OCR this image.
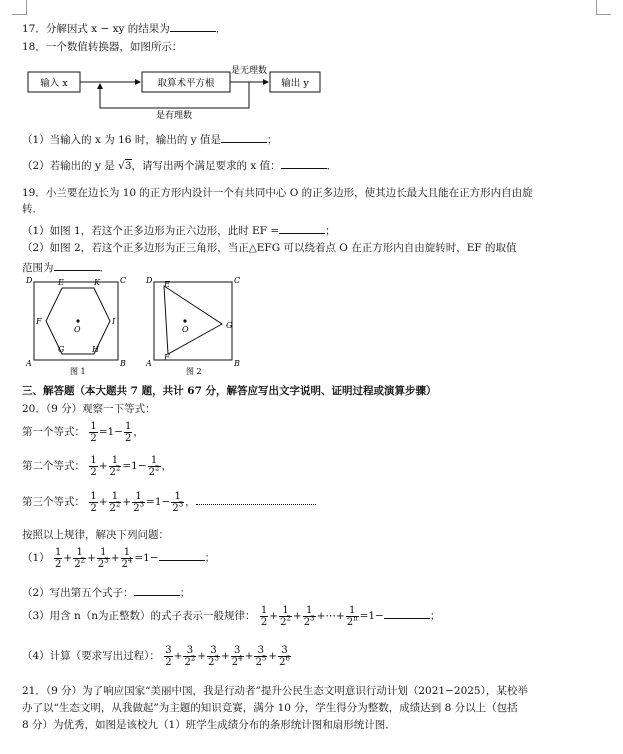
17．分解因式 x − xy 的结果为	．
18．一个数值转换器，如图所示：
输入 x	取算术平方根
是无理数
输出 y
是有理数
（1）当输入的 x 为 16 时，输出的 y 值是	；
（2）若输出的 y 是 √3，请写出两个满足要求的 x 值：	．
19．小兰要在边长为 10 的正方形内设计一个有共同中心 O 的正多边形，使其边长最大且能在正方形内自由旋
转．
（1）如图 1，若这个正多边形为正六边形，此时 EF =	；
（2）如图 2，若这个正多边形为正三角形，当正△EFG 可以绕着点 O 在正方形内自由旋转时，EF 的取值
范围为	．
D	E	K	C
F	I
O
A
G	H
B
图 1
D E	C
G
O
A
F
B
图 2
三、解答题（本大题共 7 题，共计 67 分，解答应写出文字说明、证明过程或演算步骤）
20．（9 分）观察一下等式：
第一个等式： $\frac{1}{2} =1- \frac{1}{2}$ ，
第二个等式： $\frac{1}{2} + \frac{1}{2^2} =1- \frac{1}{2^2}$ ，
第三个等式： $\frac{1}{2} + \frac{1}{2^2} + \frac{1}{2^3} =1- \frac{1}{2^3}$ ，
按照以上规律，解决下列问题：
$(1) \frac{1}{2} + \frac{1}{2^2} + \frac{1}{2^3} + \frac{1}{2^4} =1-$	；
（2）写出第五个式子：	；
（3）用含 n（n为正整数）的式子表示一般规律： $\frac{1}{2} + \frac{1}{2^2} + \frac{1}{2^3}$ +⋯+ $\frac{1}{2^n} =1-$	；
（4）计算（要求写出过程）： $\frac{3}{2} + \frac{3}{2^2} + \frac{3}{2^3} + \frac{3}{2^4} + \frac{3}{2^5} + \frac{3}{2^6}$
21．（9 分）为了响应国家“美丽中国，我是行动者”提升公民生态文明意识行动计划（2021−2025），某校举
办了以“生态文明，从我做起”为主题的知识竞赛，满分 10 分，学生得分为整数，成绩达到 8 分以上（包括
8 分）为优秀，如图是该校九（1）班学生成绩分布的条形统计图和扇形统计图．
